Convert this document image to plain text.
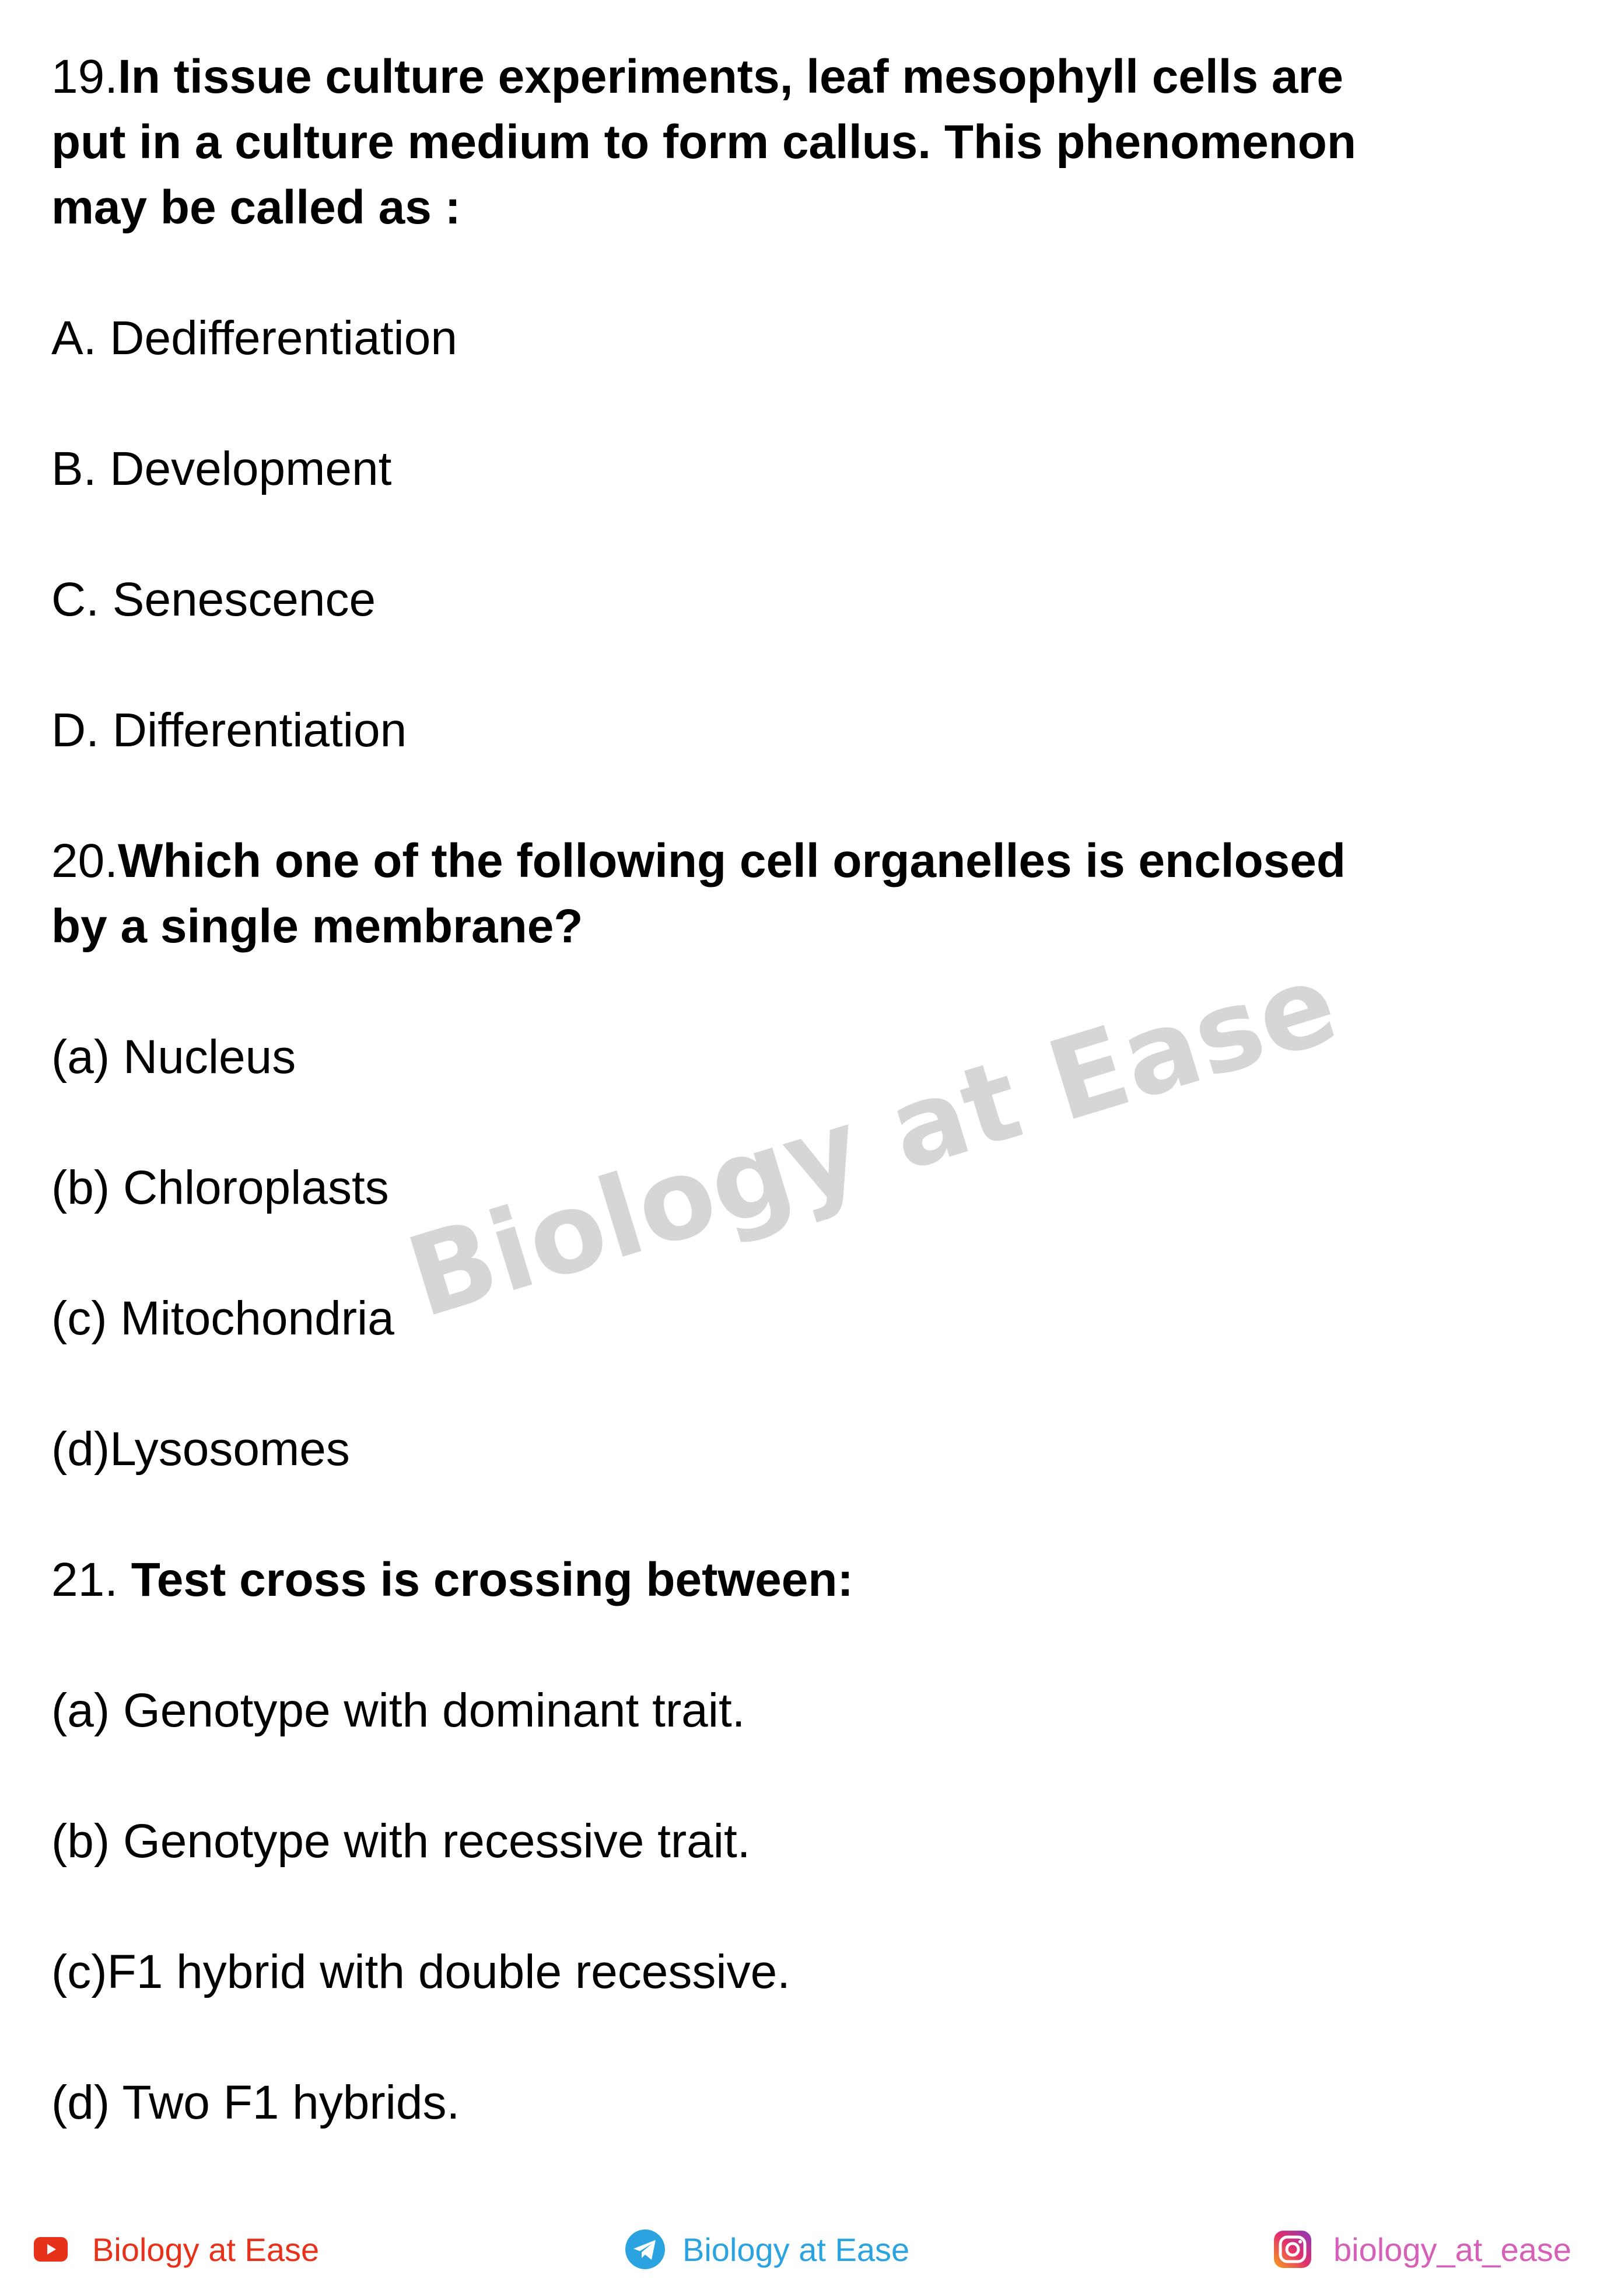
Biology at Ease
19.In tissue culture experiments, leaf mesophyll cells are
put in a culture medium to form callus. This phenomenon
may be called as :
A. Dedifferentiation
B. Development
C. Senescence
D. Differentiation
20.Which one of the following cell organelles is enclosed
by a single membrane?
(a) Nucleus
(b) Chloroplasts
(c) Mitochondria
(d)Lysosomes
21. Test cross is crossing between:
(a) Genotype with dominant trait.
(b) Genotype with recessive trait.
(c)F1 hybrid with double recessive.
(d) Two F1 hybrids.
Biology at Ease	Biology at Ease	biology_at_ease
